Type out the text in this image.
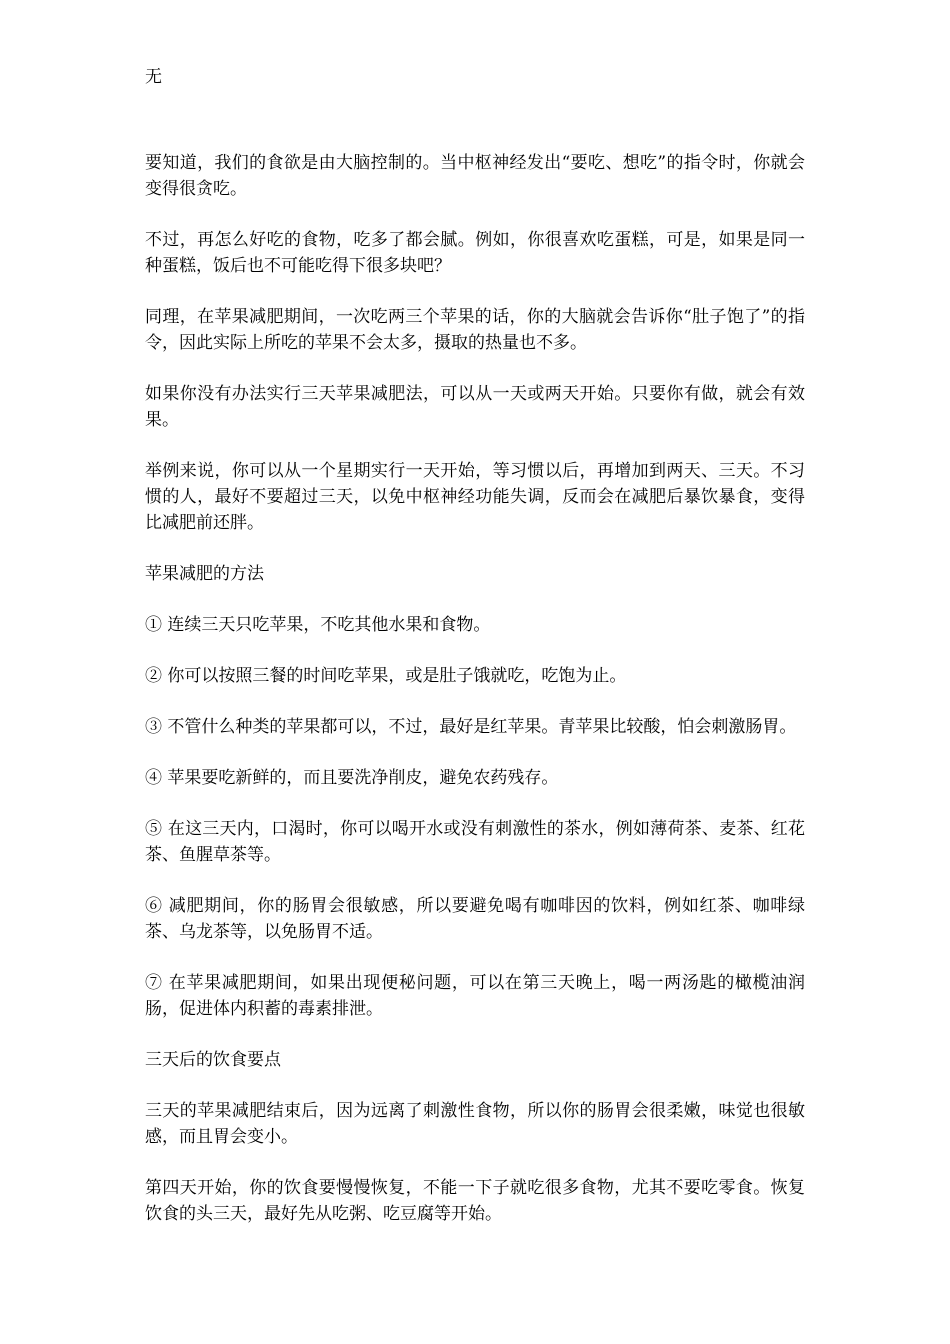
无

要知道，我们的食欲是由大脑控制的。当中枢神经发出“要吃、想吃”的指令时，你就会变得很贪吃。

不过，再怎么好吃的食物，吃多了都会腻。例如，你很喜欢吃蛋糕，可是，如果是同一种蛋糕，饭后也不可能吃得下很多块吧？

同理，在苹果减肥期间，一次吃两三个苹果的话，你的大脑就会告诉你“肚子饱了”的指令，因此实际上所吃的苹果不会太多，摄取的热量也不多。

如果你没有办法实行三天苹果减肥法，可以从一天或两天开始。只要你有做，就会有效果。

举例来说，你可以从一个星期实行一天开始，等习惯以后，再增加到两天、三天。不习惯的人，最好不要超过三天，以免中枢神经功能失调，反而会在减肥后暴饮暴食，变得比减肥前还胖。

苹果减肥的方法

① 连续三天只吃苹果，不吃其他水果和食物。

② 你可以按照三餐的时间吃苹果，或是肚子饿就吃，吃饱为止。

③ 不管什么种类的苹果都可以，不过，最好是红苹果。青苹果比较酸，怕会刺激肠胃。

④ 苹果要吃新鲜的，而且要洗净削皮，避免农药残存。

⑤ 在这三天内，口渴时，你可以喝开水或没有刺激性的茶水，例如薄荷茶、麦茶、红花茶、鱼腥草茶等。

⑥ 减肥期间，你的肠胃会很敏感，所以要避免喝有咖啡因的饮料，例如红茶、咖啡绿茶、乌龙茶等，以免肠胃不适。

⑦ 在苹果减肥期间，如果出现便秘问题，可以在第三天晚上，喝一两汤匙的橄榄油润肠，促进体内积蓄的毒素排泄。

三天后的饮食要点

三天的苹果减肥结束后，因为远离了刺激性食物，所以你的肠胃会很柔嫩，味觉也很敏感，而且胃会变小。

第四天开始，你的饮食要慢慢恢复，不能一下子就吃很多食物，尤其不要吃零食。恢复饮食的头三天，最好先从吃粥、吃豆腐等开始。
